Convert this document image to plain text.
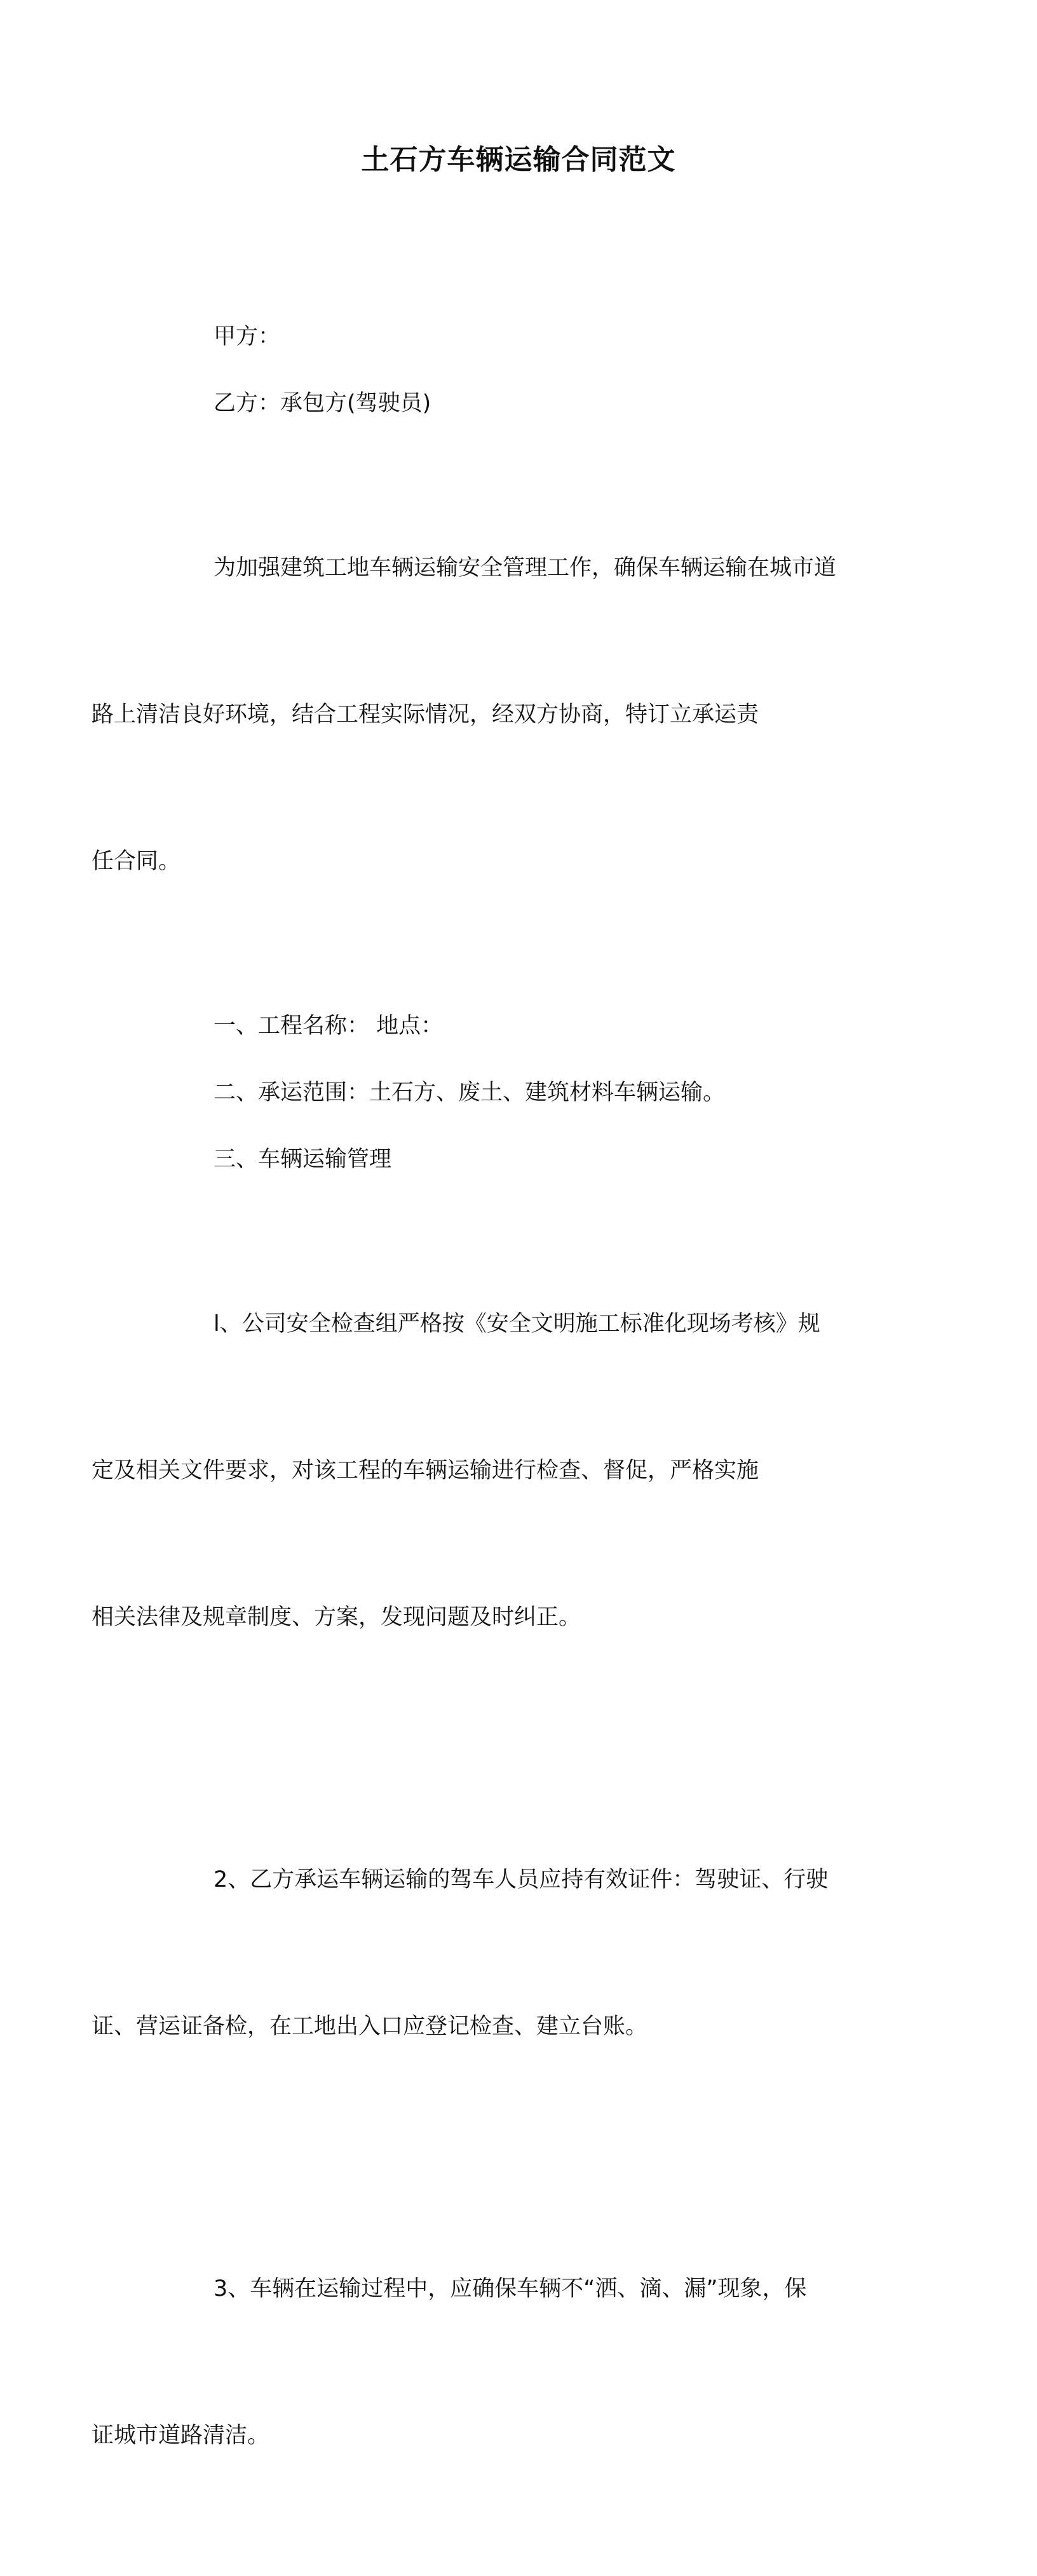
土石方车辆运输合同范文

甲方：

乙方：承包方(驾驶员)

为加强建筑工地车辆运输安全管理工作，确保车辆运输在城市道

路上清洁良好环境，结合工程实际情况，经双方协商，特订立承运责

任合同。

一、工程名称： 地点：

二、承运范围：土石方、废土、建筑材料车辆运输。

三、车辆运输管理

l、公司安全检查组严格按《安全文明施工标准化现场考核》规

定及相关文件要求，对该工程的车辆运输进行检查、督促，严格实施

相关法律及规章制度、方案，发现问题及时纠正。

2、乙方承运车辆运输的驾车人员应持有效证件：驾驶证、行驶

证、营运证备检，在工地出入口应登记检查、建立台账。

3、车辆在运输过程中，应确保车辆不“洒、滴、漏”现象，保

证城市道路清洁。
